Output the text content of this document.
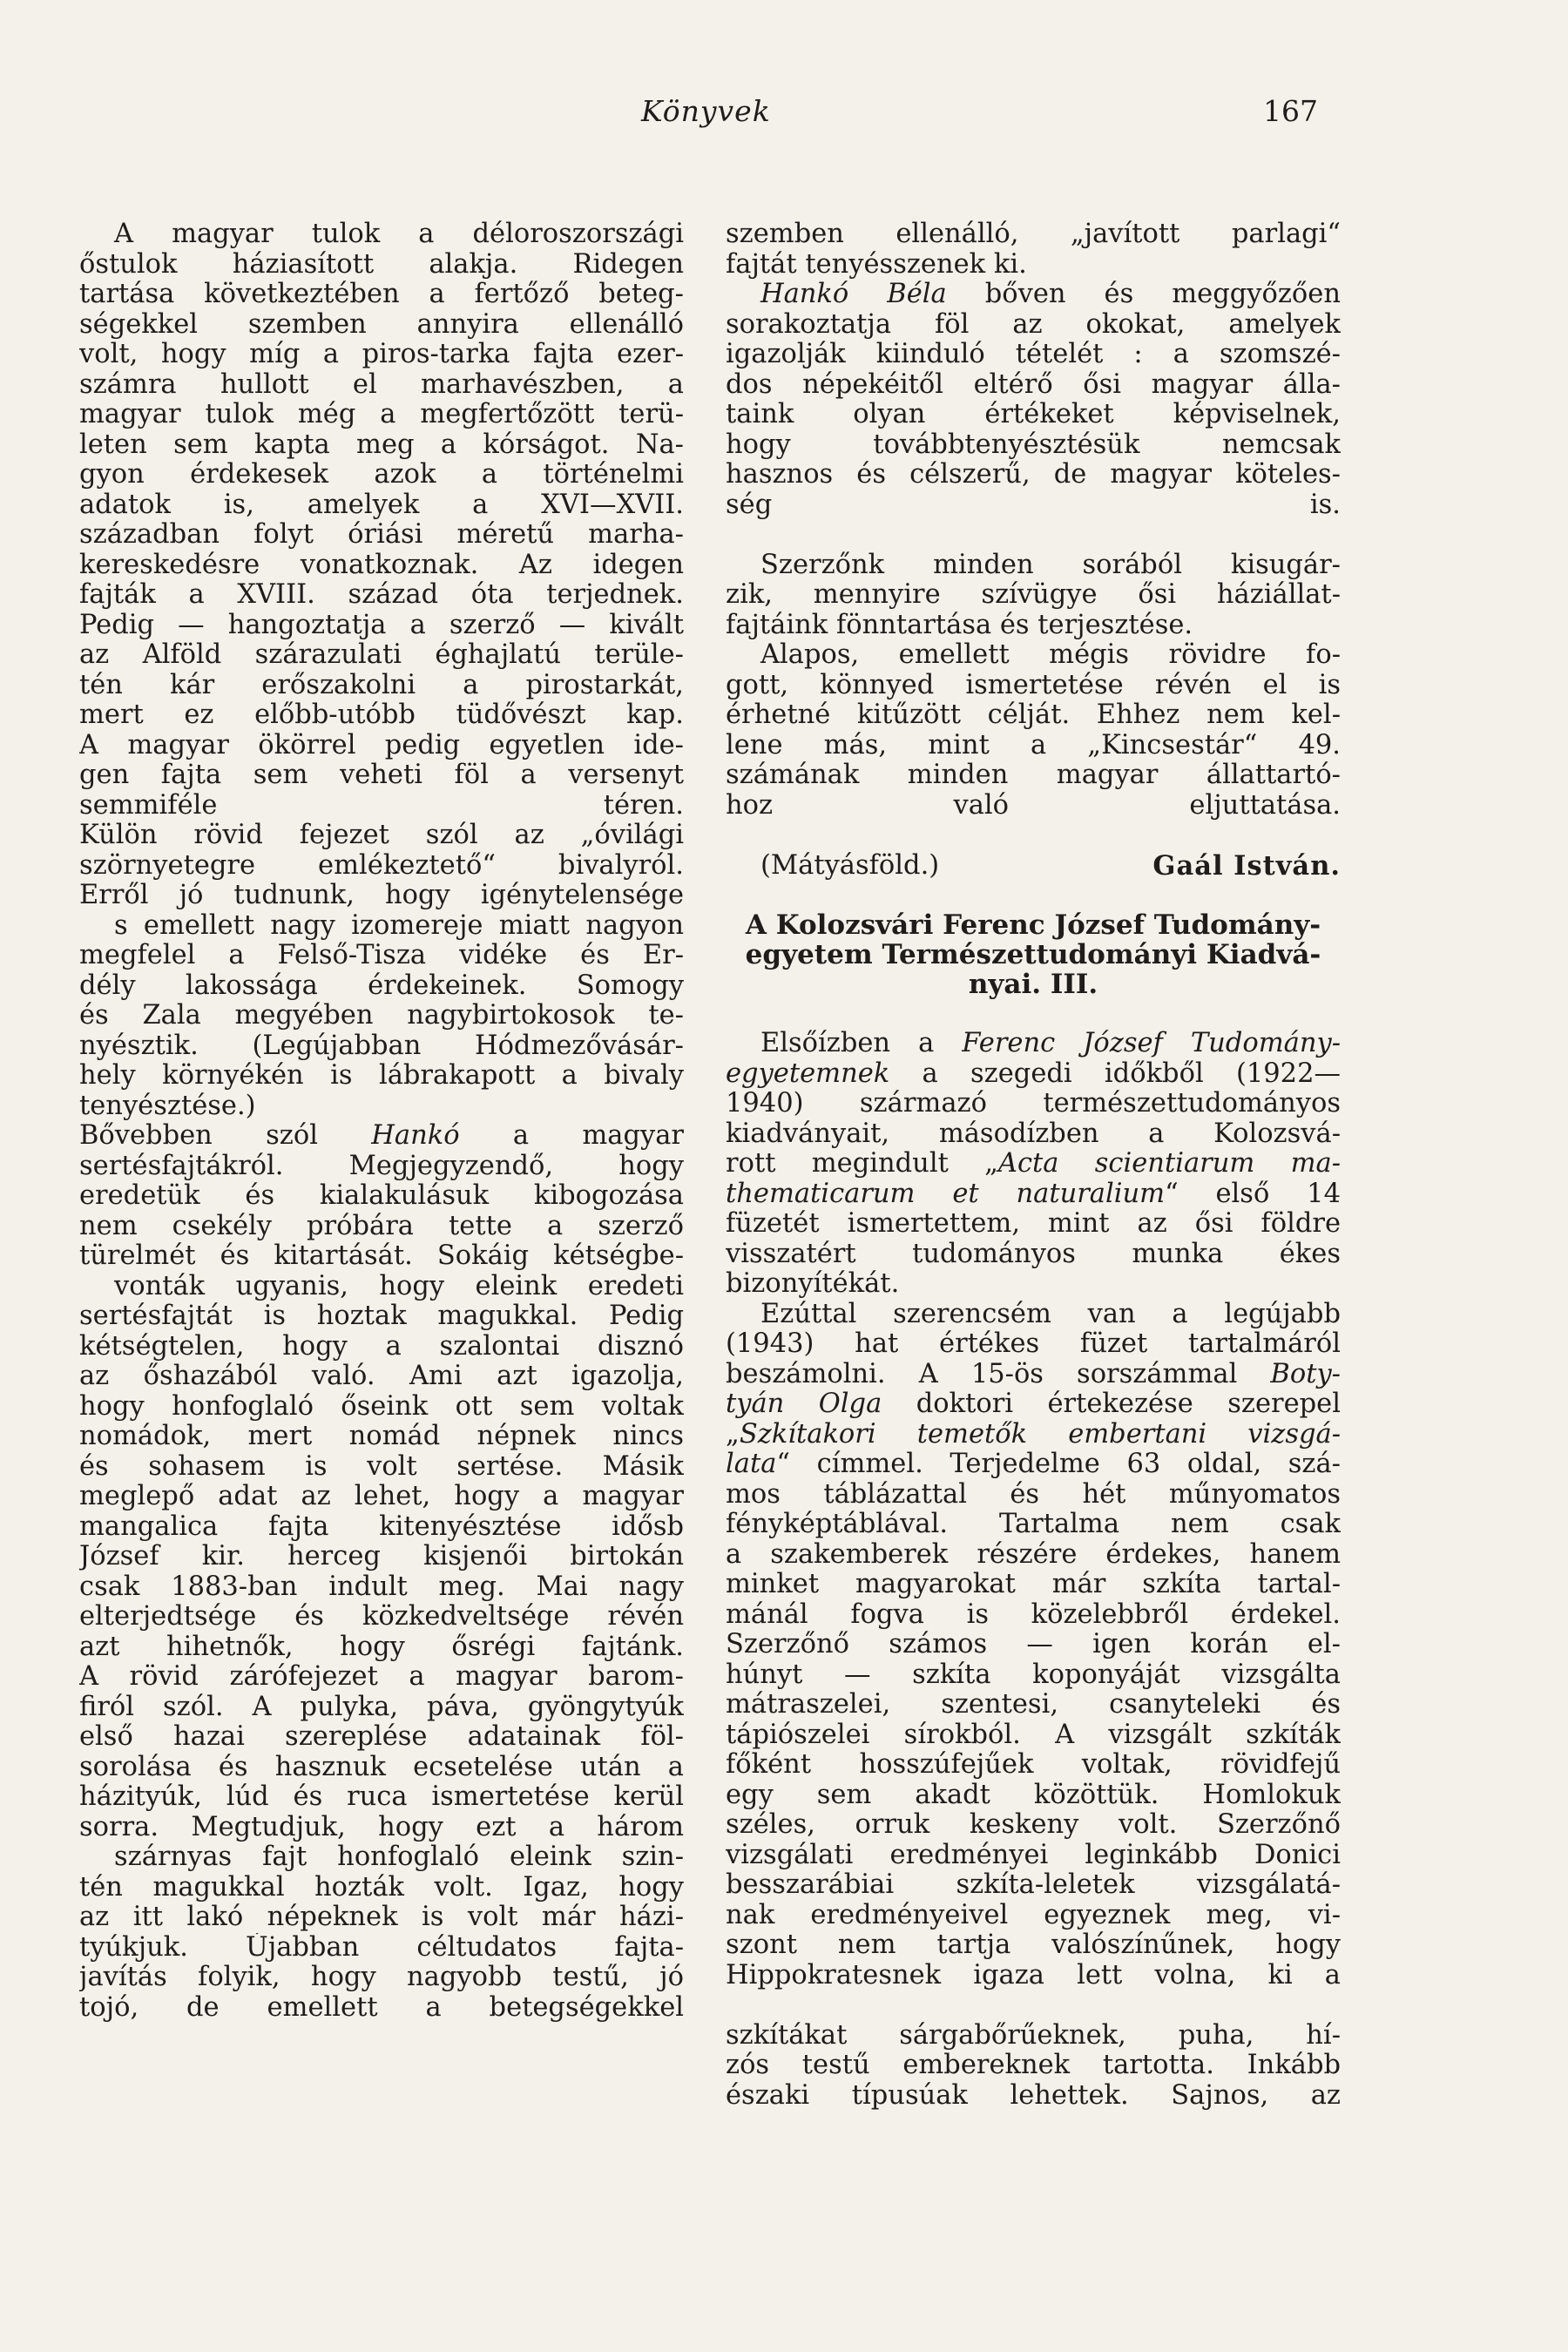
Könyvek	167
A magyar tulok a déloroszországi
őstulok háziasított alakja. Ridegen
tartása következtében a fertőző beteg-
ségekkel szemben annyira ellenálló
volt, hogy míg a piros-tarka fajta ezer-
számra hullott el marhavészben, a
magyar tulok még a megfertőzött terü-
leten sem kapta meg a kórságot. Na-
gyon érdekesek azok a történelmi
adatok is, amelyek a XVI—XVII.
században folyt óriási méretű marha-
kereskedésre vonatkoznak. Az idegen
fajták a XVIII. század óta terjednek.
Pedig — hangoztatja a szerző — kivált
az Alföld szárazulati éghajlatú terüle-
tén kár erőszakolni a pirostarkát,
mert ez előbb-utóbb tüdővészt kap.
A magyar ökörrel pedig egyetlen ide-
gen fajta sem veheti föl a versenyt
semmiféle téren.
Külön rövid fejezet szól az „óvilági
szörnyetegre emlékeztető“ bivalyról.
Erről jó tudnunk, hogy igénytelensége
s emellett nagy izomereje miatt nagyon
megfelel a Felső-Tisza vidéke és Er-
dély lakossága érdekeinek. Somogy
és Zala megyében nagybirtokosok te-
nyésztik. (Legújabban Hódmezővásár-
hely környékén is lábrakapott a bivaly
tenyésztése.)
Bővebben szól Hankó a magyar
sertésfajtákról. Megjegyzendő, hogy
eredetük és kialakulásuk kibogozása
nem csekély próbára tette a szerző
türelmét és kitartását. Sokáig kétségbe-
vonták ugyanis, hogy eleink eredeti
sertésfajtát is hoztak magukkal. Pedig
kétségtelen, hogy a szalontai disznó
az őshazából való. Ami azt igazolja,
hogy honfoglaló őseink ott sem voltak
nomádok, mert nomád népnek nincs
és sohasem is volt sertése. Másik
meglepő adat az lehet, hogy a magyar
mangalica fajta kitenyésztése idősb
József kir. herceg kisjenői birtokán
csak 1883-ban indult meg. Mai nagy
elterjedtsége és közkedveltsége révén
azt hihetnők, hogy ősrégi fajtánk.
A rövid zárófejezet a magyar barom-
firól szól. A pulyka, páva, gyöngytyúk
első hazai szereplése adatainak föl-
sorolása és hasznuk ecsetelése után a
házityúk, lúd és ruca ismertetése kerül
sorra. Megtudjuk, hogy ezt a három
szárnyas fajt honfoglaló eleink szin-
tén magukkal hozták volt. Igaz, hogy
az itt lakó népeknek is volt már házi-
tyúkjuk. Újabban céltudatos fajta-
javítás folyik, hogy nagyobb testű, jó
tojó, de emellett a betegségekkel
szemben ellenálló, „javított parlagi“
fajtát tenyésszenek ki.
Hankó Béla bőven és meggyőzően
sorakoztatja föl az okokat, amelyek
igazolják kiinduló tételét : a szomszé-
dos népekéitől eltérő ősi magyar álla-
taink olyan értékeket képviselnek,
hogy továbbtenyésztésük nemcsak
hasznos és célszerű, de magyar köteles-
ség is.
Szerzőnk minden sorából kisugár-
zik, mennyire szívügye ősi háziállat-
fajtáink fönntartása és terjesztése.
Alapos, emellett mégis rövidre fo-
gott, könnyed ismertetése révén el is
érhetné kitűzött célját. Ehhez nem kel-
lene más, mint a „Kincsestár“ 49.
számának minden magyar állattartó-
hoz való eljuttatása.
(Mátyásföld.)	Gaál István.
A Kolozsvári Ferenc József Tudomány-
egyetem Természettudományi Kiadvá-
nyai. III.
Elsőízben a Ferenc József Tudomány-
egyetemnek a szegedi időkből (1922—
1940) származó természettudományos
kiadványait, másodízben a Kolozsvá-
rott megindult „Acta scientiarum ma-
thematicarum et naturalium“ első 14
füzetét ismertettem, mint az ősi földre
visszatért tudományos munka ékes
bizonyítékát.
Ezúttal szerencsém van a legújabb
(1943) hat értékes füzet tartalmáról
beszámolni. A 15-ös sorszámmal Boty-
tyán Olga doktori értekezése szerepel
„Szkítakori temetők embertani vizsgá-
lata“ címmel. Terjedelme 63 oldal, szá-
mos táblázattal és hét műnyomatos
fényképtáblával. Tartalma nem csak
a szakemberek részére érdekes, hanem
minket magyarokat már szkíta tartal-
mánál fogva is közelebbről érdekel.
Szerzőnő számos — igen korán el-
húnyt — szkíta koponyáját vizsgálta
mátraszelei, szentesi, csanyteleki és
tápiószelei sírokból. A vizsgált szkíták
főként hosszúfejűek voltak, rövidfejű
egy sem akadt közöttük. Homlokuk
széles, orruk keskeny volt. Szerzőnő
vizsgálati eredményei leginkább Donici
besszarábiai szkíta-leletek vizsgálatá-
nak eredményeivel egyeznek meg, vi-
szont nem tartja valószínűnek, hogy
Hippokratesnek igaza lett volna, ki a
szkítákat sárgabőrűeknek, puha, hí-
zós testű embereknek tartotta. Inkább
északi típusúak lehettek. Sajnos, az
